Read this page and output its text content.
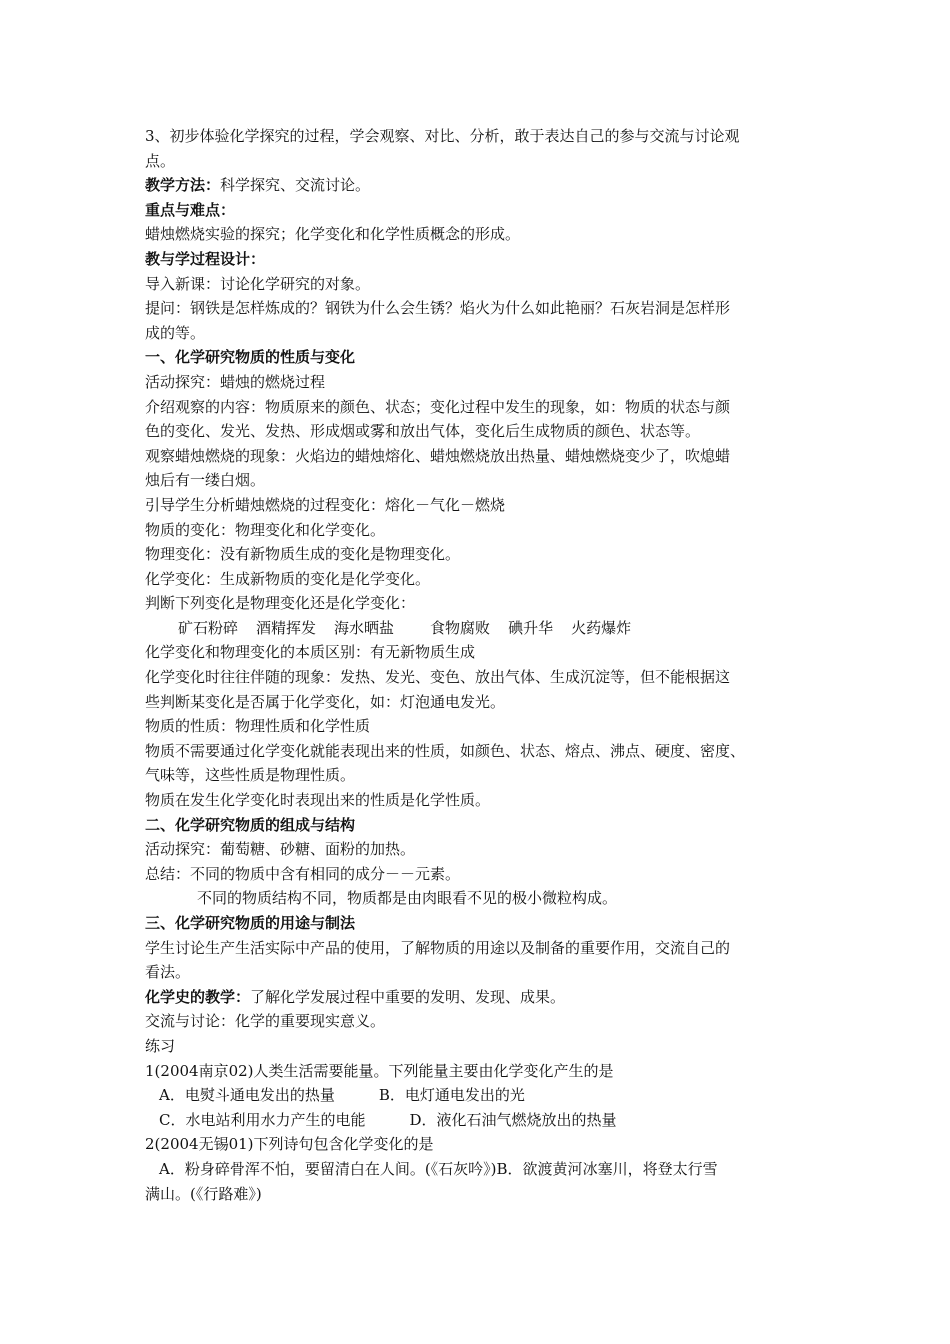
3、初步体验化学探究的过程，学会观察、对比、分析，敢于表达自己的参与交流与讨论观

点。

教学方法：科学探究、交流讨论。

重点与难点：

蜡烛燃烧实验的探究；化学变化和化学性质概念的形成。

教与学过程设计：

导入新课：讨论化学研究的对象。

提问：钢铁是怎样炼成的？钢铁为什么会生锈？焰火为什么如此艳丽？石灰岩洞是怎样形

成的等。

一、化学研究物质的性质与变化

活动探究：蜡烛的燃烧过程

介绍观察的内容：物质原来的颜色、状态；变化过程中发生的现象，如：物质的状态与颜

色的变化、发光、发热、形成烟或雾和放出气体，变化后生成物质的颜色、状态等。

观察蜡烛燃烧的现象：火焰边的蜡烛熔化、蜡烛燃烧放出热量、蜡烛燃烧变少了，吹熄蜡

烛后有一缕白烟。

引导学生分析蜡烛燃烧的过程变化：熔化－气化－燃烧

物质的变化：物理变化和化学变化。

物理变化：没有新物质生成的变化是物理变化。

化学变化：生成新物质的变化是化学变化。

判断下列变化是物理变化还是化学变化：

矿石粉碎 酒精挥发 海水晒盐 食物腐败 碘升华 火药爆炸

化学变化和物理变化的本质区别：有无新物质生成

化学变化时往往伴随的现象：发热、发光、变色、放出气体、生成沉淀等，但不能根据这

些判断某变化是否属于化学变化，如：灯泡通电发光。

物质的性质：物理性质和化学性质

物质不需要通过化学变化就能表现出来的性质，如颜色、状态、熔点、沸点、硬度、密度、

气味等，这些性质是物理性质。

物质在发生化学变化时表现出来的性质是化学性质。

二、化学研究物质的组成与结构

活动探究：葡萄糖、砂糖、面粉的加热。

总结：不同的物质中含有相同的成分－－元素。

不同的物质结构不同，物质都是由肉眼看不见的极小微粒构成。

三、化学研究物质的用途与制法

学生讨论生产生活实际中产品的使用，了解物质的用途以及制备的重要作用，交流自己的

看法。

化学史的教学：了解化学发展过程中重要的发明、发现、成果。

交流与讨论：化学的重要现实意义。

练习

1(2004南京02)人类生活需要能量。下列能量主要由化学变化产生的是

A．电熨斗通电发出的热量	B．电灯通电发出的光

C．水电站利用水力产生的电能	D．液化石油气燃烧放出的热量

2(2004无锡01)下列诗句包含化学变化的是

A．粉身碎骨浑不怕，要留清白在人间。(《石灰吟》)B．欲渡黄河冰塞川，将登太行雪

满山。(《行路难》)
